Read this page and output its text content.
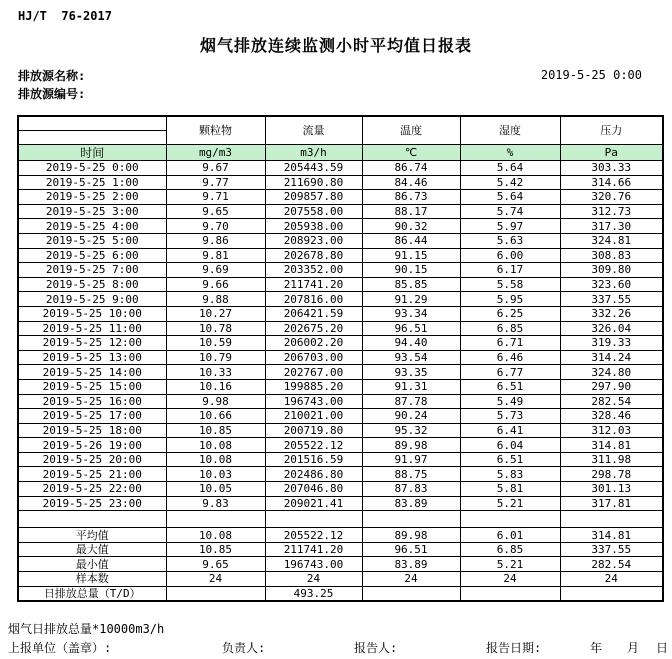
HJ/T  76-2017
烟气排放连续监测小时平均值日报表
排放源名称:
排放源编号:
2019-5-25 0:00
	颗粒物	流量	温度	湿度	压力

时间	mg/m3	m3/h	℃	%	Pa
2019-5-25 0:00	9.67	205443.59	86.74	5.64	303.33
2019-5-25 1:00	9.77	211690.80	84.46	5.42	314.66
2019-5-25 2:00	9.71	209857.80	86.73	5.64	320.76
2019-5-25 3:00	9.65	207558.00	88.17	5.74	312.73
2019-5-25 4:00	9.70	205938.00	90.32	5.97	317.30
2019-5-25 5:00	9.86	208923.00	86.44	5.63	324.81
2019-5-25 6:00	9.81	202678.80	91.15	6.00	308.83
2019-5-25 7:00	9.69	203352.00	90.15	6.17	309.80
2019-5-25 8:00	9.66	211741.20	85.85	5.58	323.60
2019-5-25 9:00	9.88	207816.00	91.29	5.95	337.55
2019-5-25 10:00	10.27	206421.59	93.34	6.25	332.26
2019-5-25 11:00	10.78	202675.20	96.51	6.85	326.04
2019-5-25 12:00	10.59	206002.20	94.40	6.71	319.33
2019-5-25 13:00	10.79	206703.00	93.54	6.46	314.24
2019-5-25 14:00	10.33	202767.00	93.35	6.77	324.80
2019-5-25 15:00	10.16	199885.20	91.31	6.51	297.90
2019-5-25 16:00	9.98	196743.00	87.78	5.49	282.54
2019-5-25 17:00	10.66	210021.00	90.24	5.73	328.46
2019-5-25 18:00	10.85	200719.80	95.32	6.41	312.03
2019-5-26 19:00	10.08	205522.12	89.98	6.04	314.81
2019-5-25 20:00	10.08	201516.59	91.97	6.51	311.98
2019-5-25 21:00	10.03	202486.80	88.75	5.83	298.78
2019-5-25 22:00	10.05	207046.80	87.83	5.81	301.13
2019-5-25 23:00	9.83	209021.41	83.89	5.21	317.81

平均值	10.08	205522.12	89.98	6.01	314.81
最大值	10.85	211741.20	96.51	6.85	337.55
最小值	9.65	196743.00	83.89	5.21	282.54
样本数	24	24	24	24	24
日排放总量（T/D）		493.25			
烟气日排放总量*10000m3/h
上报单位（盖章）:	负责人:	报告人:	报告日期:	年 月 日
